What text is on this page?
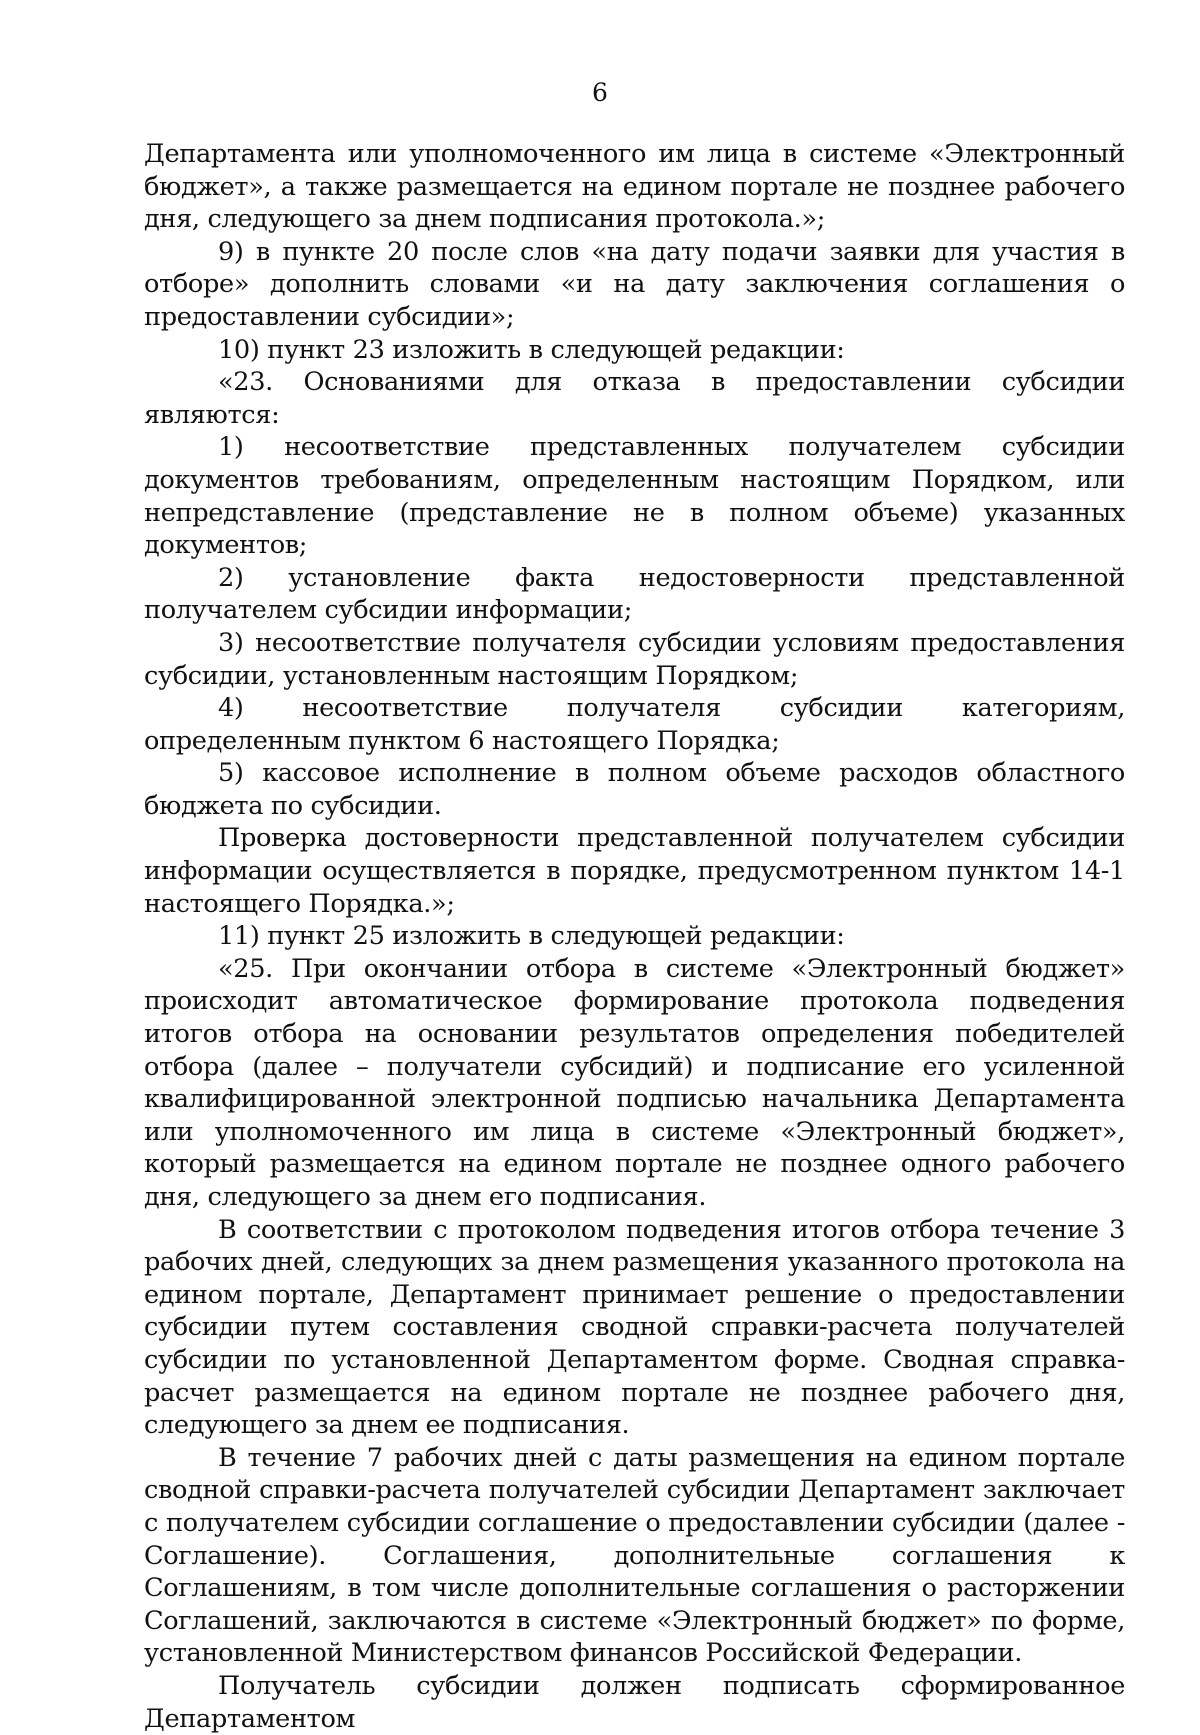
6

Департамента или уполномоченного им лица в системе «Электронный бюджет», а также размещается на едином портале не позднее рабочего дня, следующего за днем подписания протокола.»;

9) в пункте 20 после слов «на дату подачи заявки для участия в отборе» дополнить словами «и на дату заключения соглашения о предоставлении субсидии»;

10) пункт 23 изложить в следующей редакции:

«23. Основаниями для отказа в предоставлении субсидии являются:

1) несоответствие представленных получателем субсидии документов требованиям, определенным настоящим Порядком, или непредставление (представление не в полном объеме) указанных документов;

2) установление факта недостоверности представленной получателем субсидии информации;

3) несоответствие получателя субсидии условиям предоставления субсидии, установленным настоящим Порядком;

4) несоответствие получателя субсидии категориям, определенным пунктом 6 настоящего Порядка;

5) кассовое исполнение в полном объеме расходов областного бюджета по субсидии.

Проверка достоверности представленной получателем субсидии информации осуществляется в порядке, предусмотренном пунктом 14-1 настоящего Порядка.»;

11) пункт 25 изложить в следующей редакции:

«25. При окончании отбора в системе «Электронный бюджет» происходит автоматическое формирование протокола подведения итогов отбора на основании результатов определения победителей отбора (далее – получатели субсидий) и подписание его усиленной квалифицированной электронной подписью начальника Департамента или уполномоченного им лица в системе «Электронный бюджет», который размещается на едином портале не позднее одного рабочего дня, следующего за днем его подписания.

В соответствии с протоколом подведения итогов отбора течение 3 рабочих дней, следующих за днем размещения указанного протокола на едином портале, Департамент принимает решение о предоставлении субсидии путем составления сводной справки-расчета получателей субсидии по установленной Департаментом форме. Сводная справка-расчет размещается на едином портале не позднее рабочего дня, следующего за днем ее подписания.

В течение 7 рабочих дней с даты размещения на едином портале сводной справки-расчета получателей субсидии Департамент заключает с получателем субсидии соглашение о предоставлении субсидии (далее - Соглашение). Соглашения, дополнительные соглашения к Соглашениям, в том числе дополнительные соглашения о расторжении Соглашений, заключаются в системе «Электронный бюджет» по форме, установленной Министерством финансов Российской Федерации.

Получатель субсидии должен подписать сформированное Департаментом
